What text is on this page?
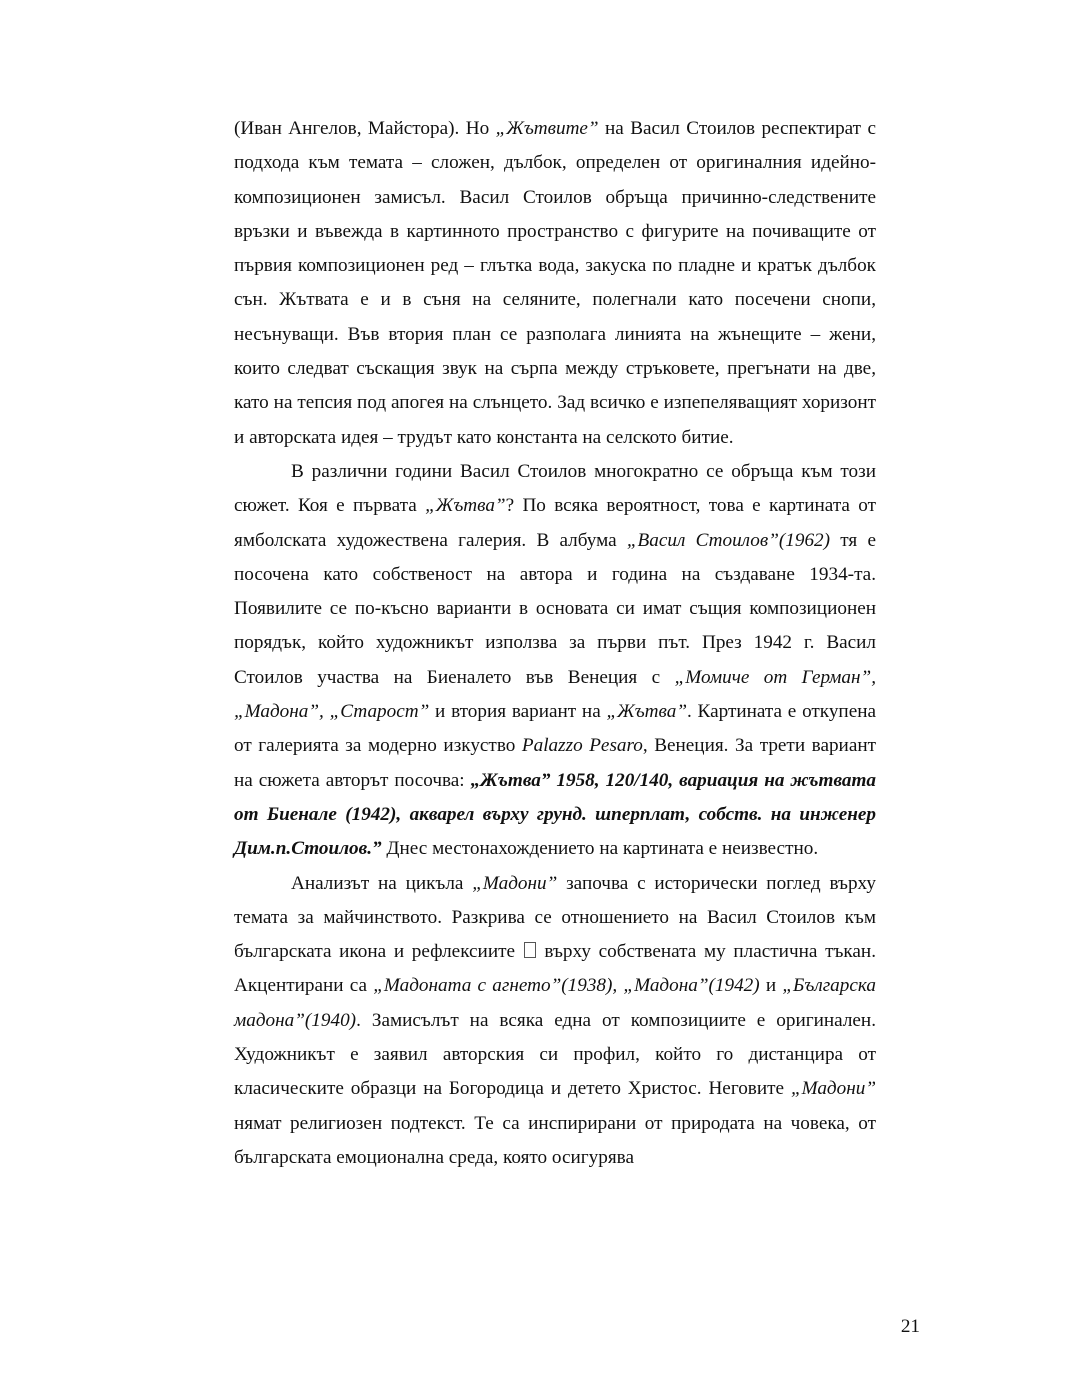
(Иван Ангелов, Майстора). Но „Жътвите” на Васил Стоилов респектират с подхода към темата – сложен, дълбок, определен от оригиналния идейно-композиционен замисъл. Васил Стоилов обръща причинно-следствените връзки и въвежда в картинното пространство с фигурите на почиващите от първия композиционен ред – глътка вода, закуска по пладне и кратък дълбок сън. Жътвата е и в съня на селяните, полегнали като посечени снопи, несънуващи. Във втория план се разполага линията на жънещите – жени, които следват съскащия звук на сърпа между стръковете, прегънати на две, като на тепсия под апогея на слънцето. Зад всичко е изпепеляващият хоризонт и авторската идея – трудът като константа на селското битие.

В различни години Васил Стоилов многократно се обръща към този сюжет. Коя е първата „Жътва”? По всяка вероятност, това е картината от ямболската художествена галерия. В албума „Васил Стоилов”(1962) тя е посочена като собственост на автора и година на създаване 1934-та. Появилите се по-късно варианти в основата си имат същия композиционен порядък, който художникът използва за първи път. През 1942 г. Васил Стоилов участва на Биеналето във Венеция с „Момиче от Герман”, „Мадона”, „Старост” и втория вариант на „Жътва”. Картината е откупена от галерията за модерно изкуство Palazzo Pesaro, Венеция. За трети вариант на сюжета авторът посочва: „Жътва” 1958, 120/140, вариация на жътвата от Биенале (1942), акварел върху грунд. шперплат, собств. на инженер Дим.п.Стоилов.” Днес местонахождението на картината е неизвестно.

Анализът на цикъла „Мадони” започва с исторически поглед върху темата за майчинството. Разкрива се отношението на Васил Стоилов към българската икона и рефлексиите  върху собствената му пластична тъкан. Акцентирани са „Мадоната с агнето”(1938), „Мадона”(1942) и „Българска мадона”(1940). Замисълът на всяка една от композициите е оригинален. Художникът е заявил авторския си профил, който го дистанцира от класическите образци на Богородица и детето Христос. Неговите „Мадони” нямат религиозен подтекст. Те са инспирирани от природата на човека, от българската емоционална среда, която осигурява

21
